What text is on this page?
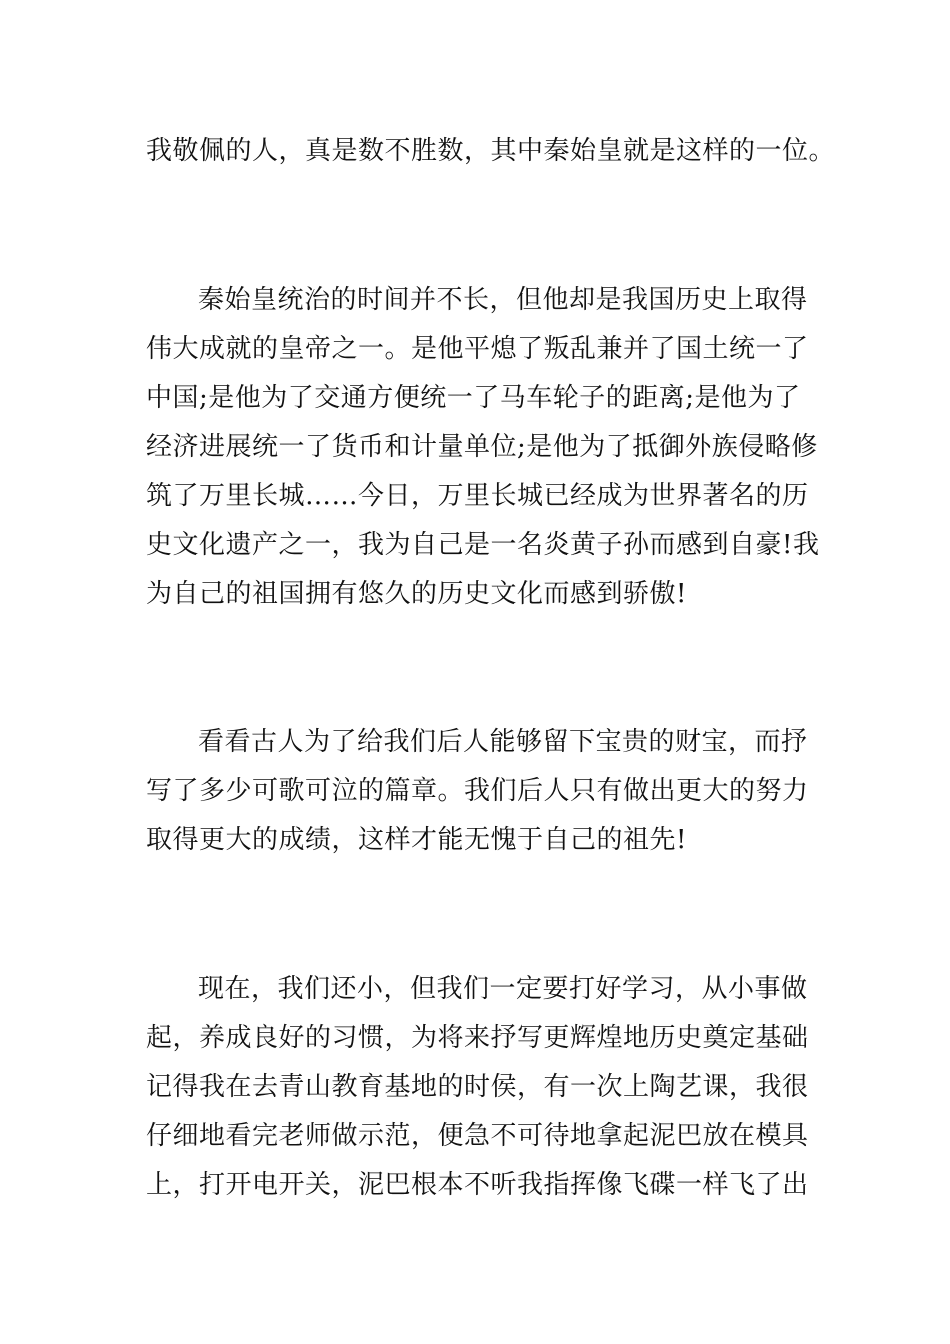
我敬佩的人，真是数不胜数，其中秦始皇就是这样的一位。
秦始皇统治的时间并不长，但他却是我国历史上取得
伟大成就的皇帝之一。是他平熄了叛乱兼并了国土统一了
中国;是他为了交通方便统一了马车轮子的距离;是他为了
经济进展统一了货币和计量单位;是他为了抵御外族侵略修
筑了万里长城……今日，万里长城已经成为世界著名的历
史文化遗产之一，我为自己是一名炎黄子孙而感到自豪!我
为自己的祖国拥有悠久的历史文化而感到骄傲!
看看古人为了给我们后人能够留下宝贵的财宝，而抒
写了多少可歌可泣的篇章。我们后人只有做出更大的努力
取得更大的成绩，这样才能无愧于自己的祖先!
现在，我们还小，但我们一定要打好学习，从小事做
起，养成良好的习惯，为将来抒写更辉煌地历史奠定基础
记得我在去青山教育基地的时侯，有一次上陶艺课，我很
仔细地看完老师做示范，便急不可待地拿起泥巴放在模具
上，打开电开关，泥巴根本不听我指挥像飞碟一样飞了出
